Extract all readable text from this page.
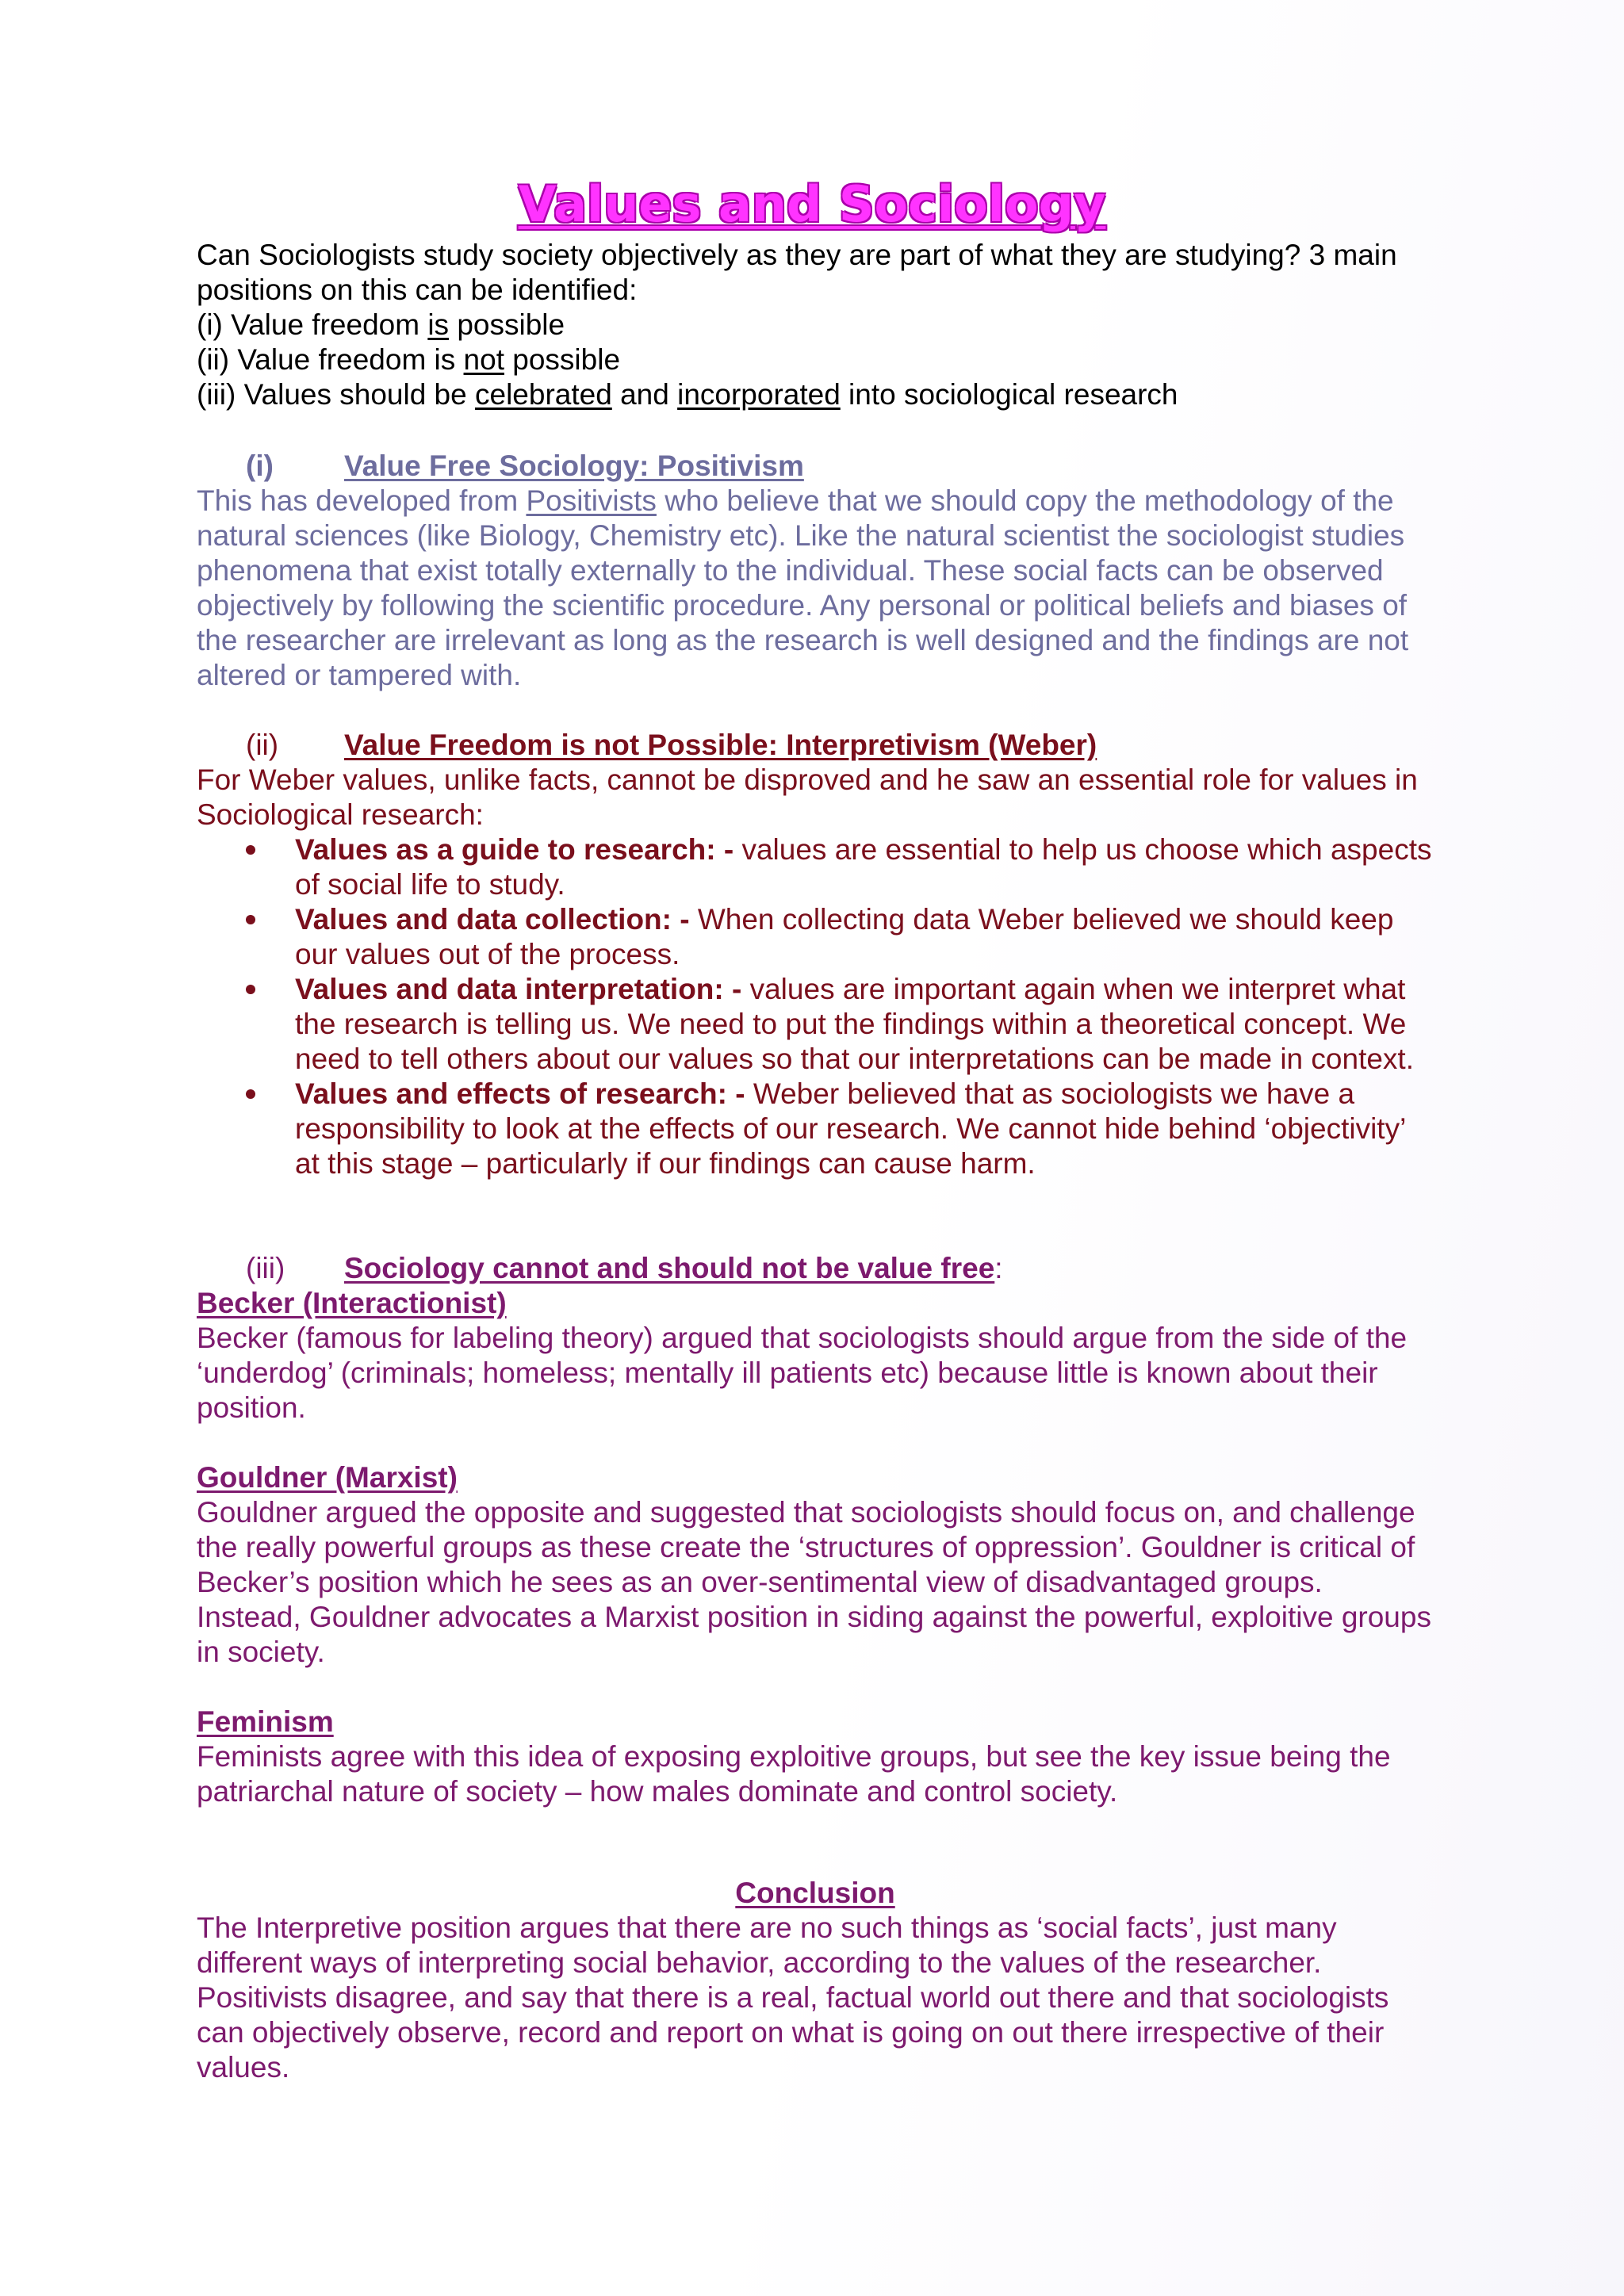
Values and Sociology

Can Sociologists study society objectively as they are part of what they are studying? 3 main positions on this can be identified:

(i) Value freedom is possible
(ii) Value freedom is not possible
(iii) Values should be celebrated and incorporated into sociological research
(i)	Value Free Sociology: Positivism

This has developed from Positivists who believe that we should copy the methodology of the natural sciences (like Biology, Chemistry etc). Like the natural scientist the sociologist studies phenomena that exist totally externally to the individual. These social facts can be observed objectively by following the scientific procedure. Any personal or political beliefs and biases of the researcher are irrelevant as long as the research is well designed and the findings are not altered or tampered with.

(ii)	Value Freedom is not Possible: Interpretivism (Weber)

For Weber values, unlike facts, cannot be disproved and he saw an essential role for values in Sociological research:

Values as a guide to research: - values are essential to help us choose which aspects of social life to study.
Values and data collection: - When collecting data Weber believed we should keep our values out of the process.
Values and data interpretation: - values are important again when we interpret what the research is telling us. We need to put the findings within a theoretical concept. We need to tell others about our values so that our interpretations can be made in context.
Values and effects of research: - Weber believed that as sociologists we have a responsibility to look at the effects of our research. We cannot hide behind ‘objectivity’ at this stage – particularly if our findings can cause harm.
(iii)	Sociology cannot and should not be value free:
Becker (Interactionist)

Becker (famous for labeling theory) argued that sociologists should argue from the side of the ‘underdog’ (criminals; homeless; mentally ill patients etc) because little is known about their position.

Gouldner (Marxist)

Gouldner argued the opposite and suggested that sociologists should focus on, and challenge the really powerful groups as these create the ‘structures of oppression’. Gouldner is critical of Becker’s position which he sees as an over-sentimental view of disadvantaged groups. Instead, Gouldner advocates a Marxist position in siding against the powerful, exploitive groups in society.

Feminism

Feminists agree with this idea of exposing exploitive groups, but see the key issue being the patriarchal nature of society – how males dominate and control society.

Conclusion

The Interpretive position argues that there are no such things as ‘social facts’, just many different ways of interpreting social behavior, according to the values of the researcher. Positivists disagree, and say that there is a real, factual world out there and that sociologists can objectively observe, record and report on what is going on out there irrespective of their values.
